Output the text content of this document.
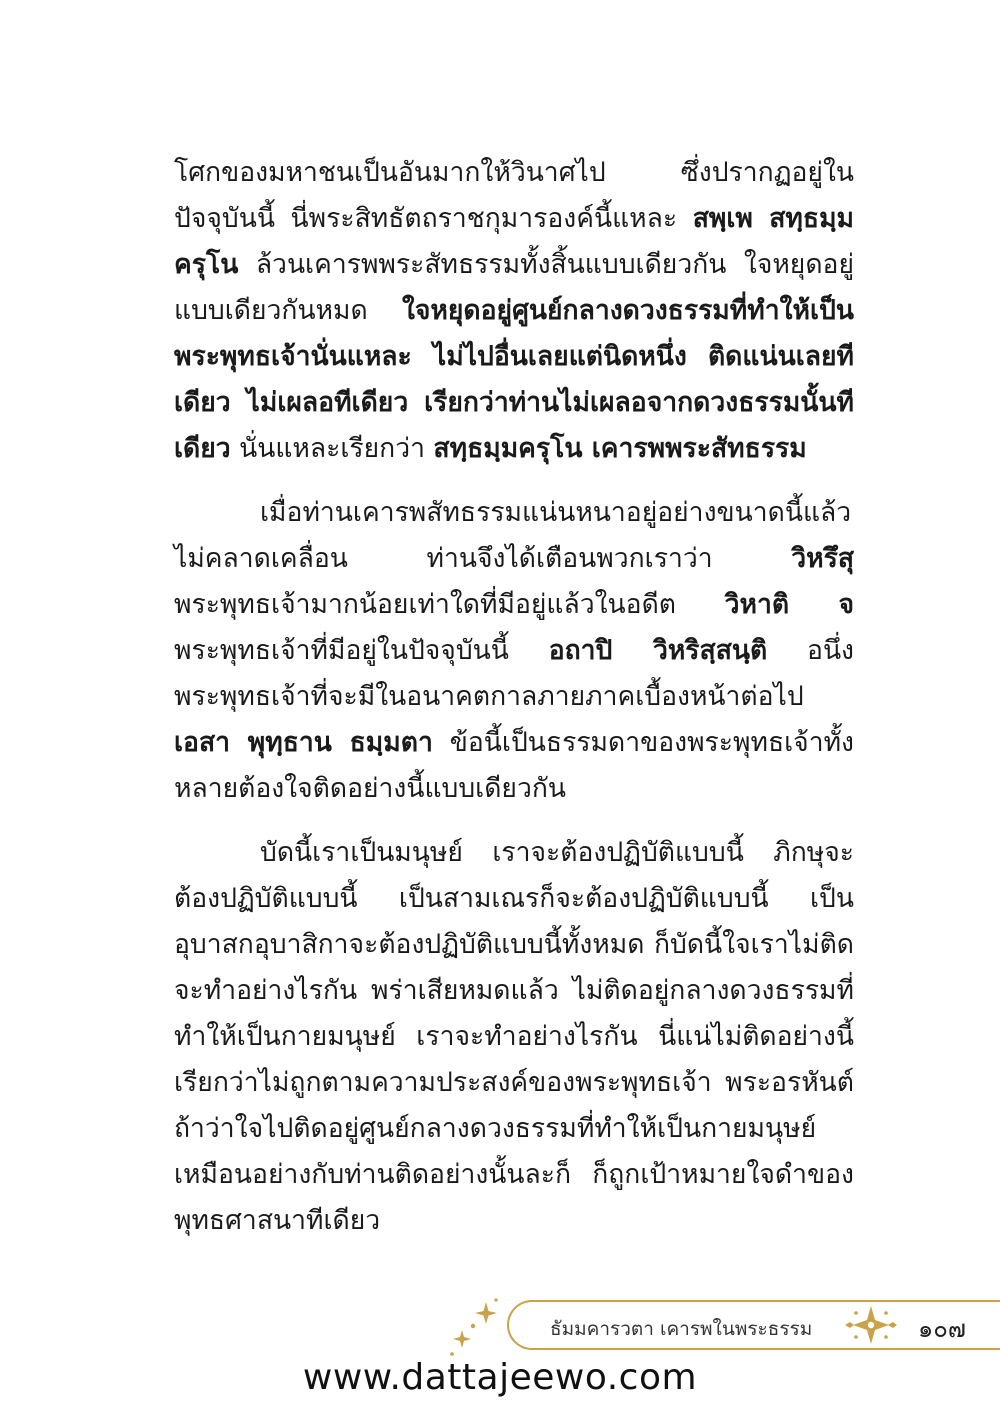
โศกของมหาชนเป็นอันมากให้วินาศไป ซึ่งปรากฏอยู่ในปัจจุบันนี้ นี่พระสิทธัตถราชกุมารองค์นี้แหละ สพฺเพ สทฺธมฺมครุโน ล้วนเคารพพระสัทธรรมทั้งสิ้นแบบเดียวกัน ใจหยุดอยู่แบบเดียวกันหมด ใจหยุดอยู่ศูนย์กลางดวงธรรมที่ทำให้เป็นพระพุทธเจ้านั่นแหละ ไม่ไปอื่นเลยแต่นิดหนึ่ง ติดแน่นเลยทีเดียว ไม่เผลอทีเดียว เรียกว่าท่านไม่เผลอจากดวงธรรมนั้นทีเดียว นั่นแหละเรียกว่า สทฺธมฺมครุโน เคารพพระสัทธรรม

เมื่อท่านเคารพสัทธรรมแน่นหนาอยู่อย่างขนาดนี้แล้ว ไม่คลาดเคลื่อน ท่านจึงได้เตือนพวกเราว่า วิหรึสุ พระพุทธเจ้ามากน้อยเท่าใดที่มีอยู่แล้วในอดีต วิหาติ จ พระพุทธเจ้าที่มีอยู่ในปัจจุบันนี้ อถาปิ วิหริสฺสนฺติ อนึ่ง พระพุทธเจ้าที่จะมีในอนาคตกาลภายภาคเบื้องหน้าต่อไป เอสา พุทฺธาน ธมฺมตา ข้อนี้เป็นธรรมดาของพระพุทธเจ้าทั้งหลายต้องใจติดอย่างนี้แบบเดียวกัน

บัดนี้เราเป็นมนุษย์ เราจะต้องปฏิบัติแบบนี้ ภิกษุจะต้องปฏิบัติแบบนี้ เป็นสามเณรก็จะต้องปฏิบัติแบบนี้ เป็นอุบาสกอุบาสิกาจะต้องปฏิบัติแบบนี้ทั้งหมด ก็บัดนี้ใจเราไม่ติดจะทำอย่างไรกัน พร่าเสียหมดแล้ว ไม่ติดอยู่กลางดวงธรรมที่ทำให้เป็นกายมนุษย์ เราจะทำอย่างไรกัน นี่แน่ไม่ติดอย่างนี้ เรียกว่าไม่ถูกตามความประสงค์ของพระพุทธเจ้า พระอรหันต์ ถ้าว่าใจไปติดอยู่ศูนย์กลางดวงธรรมที่ทำให้เป็นกายมนุษย์ เหมือนอย่างกับท่านติดอย่างนั้นละก็ ก็ถูกเป้าหมายใจดำของพุทธศาสนาทีเดียว

ธัมมคารวตา เคารพในพระธรรม	๑๐๗
www.dattajeewo.com
